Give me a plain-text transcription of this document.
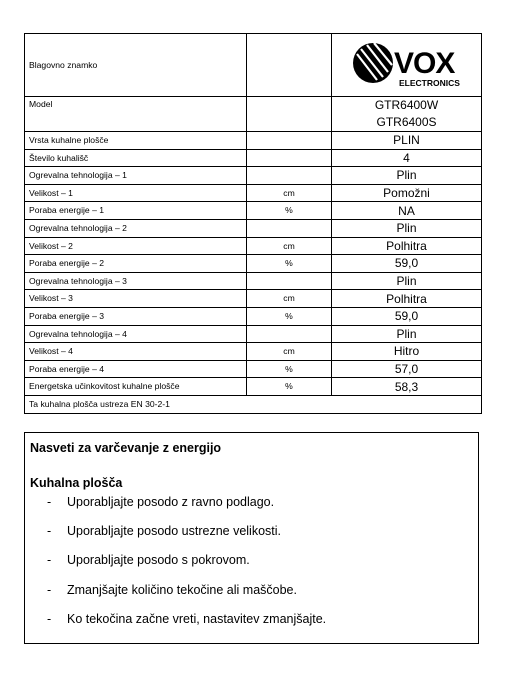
Blagovno znamko		VOX
ELECTRONICS

Model		GTR6400W
GTR6400S

Vrsta kuhalne plošče		PLIN
Število kuhališč		4
Ogrevalna tehnologija – 1		Plin
Velikost – 1	cm	Pomožni
Poraba energije – 1	%	NA
Ogrevalna tehnologija – 2		Plin
Velikost – 2	cm	Polhitra
Poraba energije – 2	%	59,0
Ogrevalna tehnologija – 3		Plin
Velikost – 3	cm	Polhitra
Poraba energije – 3	%	59,0
Ogrevalna tehnologija – 4		Plin
Velikost – 4	cm	Hitro
Poraba energije – 4	%	57,0
Energetska učinkovitost kuhalne plošče	%	58,3
Ta kuhalna plošča ustreza EN 30-2-1		
Nasveti za varčevanje z energijo
Kuhalna plošča
-	Uporabljajte posodo z ravno podlago.
-	Uporabljajte posodo ustrezne velikosti.
-	Uporabljajte posodo s pokrovom.
-	Zmanjšajte količino tekočine ali maščobe.
-	Ko tekočina začne vreti, nastavitev zmanjšajte.
